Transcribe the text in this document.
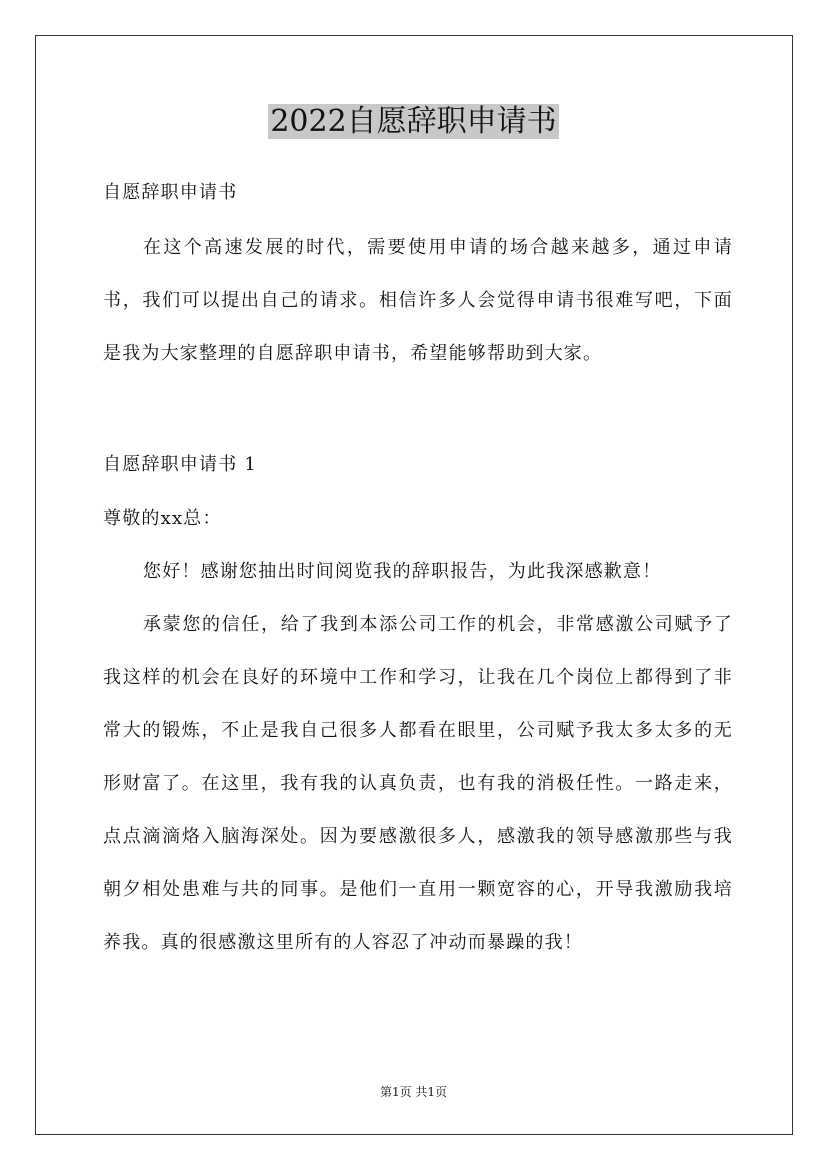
2022自愿辞职申请书
自愿辞职申请书

在这个高速发展的时代，需要使用申请的场合越来越多，通过申请书，我们可以提出自己的请求。相信许多人会觉得申请书很难写吧，下面是我为大家整理的自愿辞职申请书，希望能够帮助到大家。

自愿辞职申请书 1
尊敬的xx总：

您好！感谢您抽出时间阅览我的辞职报告，为此我深感歉意！

承蒙您的信任，给了我到本添公司工作的机会，非常感激公司赋予了我这样的机会在良好的环境中工作和学习，让我在几个岗位上都得到了非常大的锻炼，不止是我自己很多人都看在眼里，公司赋予我太多太多的无形财富了。在这里，我有我的认真负责，也有我的消极任性。一路走来，点点滴滴烙入脑海深处。因为要感激很多人，感激我的领导感激那些与我朝夕相处患难与共的同事。是他们一直用一颗宽容的心，开导我激励我培养我。真的很感激这里所有的人容忍了冲动而暴躁的我！

第1页 共1页
